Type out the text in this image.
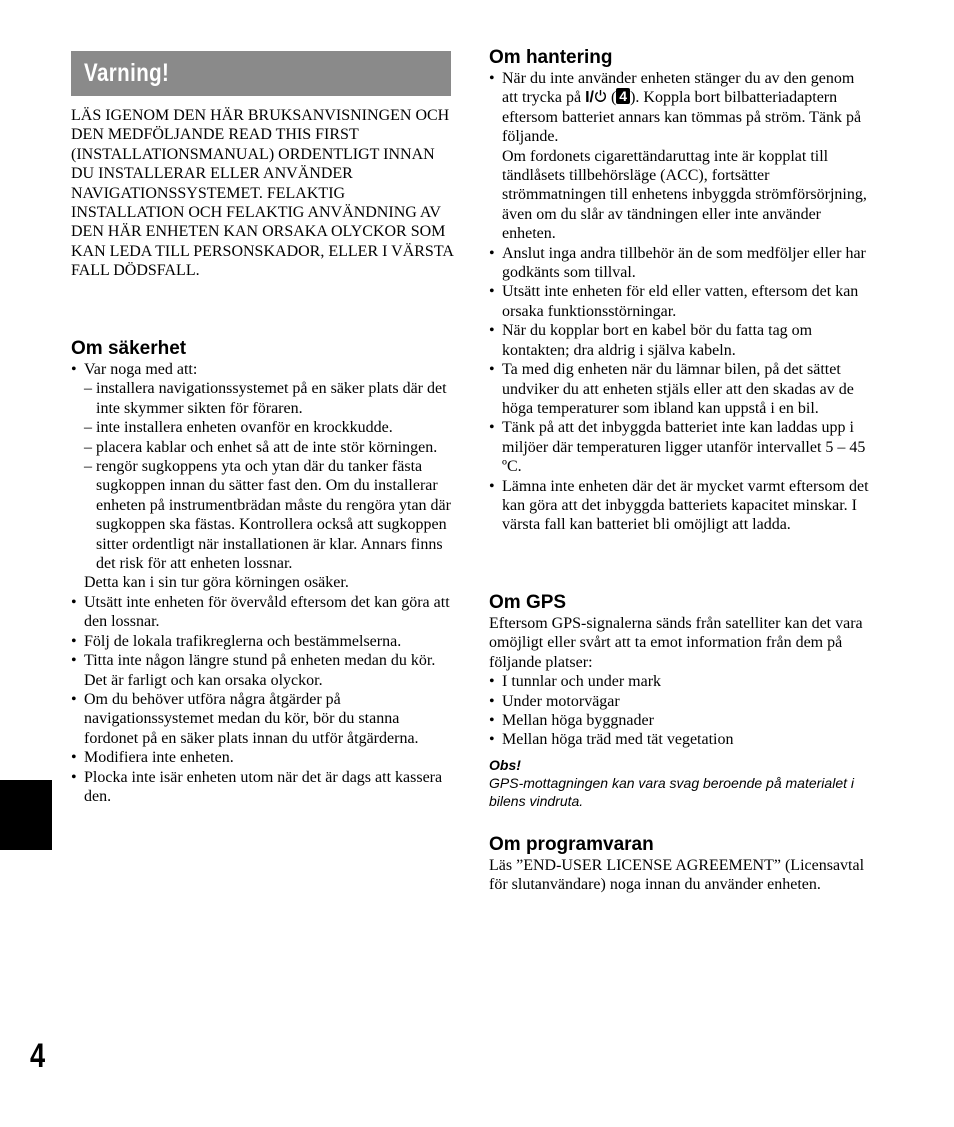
Varning!

LÄS IGENOM DEN HÄR BRUKSANVISNINGEN OCH DEN MEDFÖLJANDE READ THIS FIRST (INSTALLATIONSMANUAL) ORDENTLIGT INNAN DU INSTALLERAR ELLER ANVÄNDER NAVIGATIONSSYSTEMET. FELAKTIG INSTALLATION OCH FELAKTIG ANVÄNDNING AV DEN HÄR ENHETEN KAN ORSAKA OLYCKOR SOM KAN LEDA TILL PERSONSKADOR, ELLER I VÄRSTA FALL DÖDSFALL.

Om säkerhet
• Var noga med att:
– installera navigationssystemet på en säker plats där det inte skymmer sikten för föraren.
– inte installera enheten ovanför en krockkudde.
– placera kablar och enhet så att de inte stör körningen.
– rengör sugkoppens yta och ytan där du tanker fästa sugkoppen innan du sätter fast den. Om du installerar enheten på instrumentbrädan måste du rengöra ytan där sugkoppen ska fästas. Kontrollera också att sugkoppen sitter ordentligt när installationen är klar. Annars finns det risk för att enheten lossnar.
Detta kan i sin tur göra körningen osäker.
• Utsätt inte enheten för övervåld eftersom det kan göra att den lossnar.
• Följ de lokala trafikreglerna och bestämmelserna.
• Titta inte någon längre stund på enheten medan du kör. Det är farligt och kan orsaka olyckor.
• Om du behöver utföra några åtgärder på navigationssystemet medan du kör, bör du stanna fordonet på en säker plats innan du utför åtgärderna.
• Modifiera inte enheten.
• Plocka inte isär enheten utom när det är dags att kassera den.
Om hantering
• När du inte använder enheten stänger du av den genom att trycka på I/ ( 4 ). Koppla bort bilbatteriadaptern eftersom batteriet annars kan tömmas på ström. Tänk på följande.
Om fordonets cigarettändaruttag inte är kopplat till tändlåsets tillbehörsläge (ACC), fortsätter strömmatningen till enhetens inbyggda strömförsörjning, även om du slår av tändningen eller inte använder enheten.
• Anslut inga andra tillbehör än de som medföljer eller har godkänts som tillval.
• Utsätt inte enheten för eld eller vatten, eftersom det kan orsaka funktionsstörningar.
• När du kopplar bort en kabel bör du fatta tag om kontakten; dra aldrig i själva kabeln.
• Ta med dig enheten när du lämnar bilen, på det sättet undviker du att enheten stjäls eller att den skadas av de höga temperaturer som ibland kan uppstå i en bil.
• Tänk på att det inbyggda batteriet inte kan laddas upp i miljöer där temperaturen ligger utanför intervallet 5 – 45 ºC.
• Lämna inte enheten där det är mycket varmt eftersom det kan göra att det inbyggda batteriets kapacitet minskar. I värsta fall kan batteriet bli omöjligt att ladda.
Om GPS

Eftersom GPS-signalerna sänds från satelliter kan det vara omöjligt eller svårt att ta emot information från dem på följande platser:

• I tunnlar och under mark
• Under motorvägar
• Mellan höga byggnader
• Mellan höga träd med tät vegetation

Obs!

GPS-mottagningen kan vara svag beroende på materialet i bilens vindruta.

Om programvaran

Läs ”END-USER LICENSE AGREEMENT” (Licensavtal för slutanvändare) noga innan du använder enheten.

4
